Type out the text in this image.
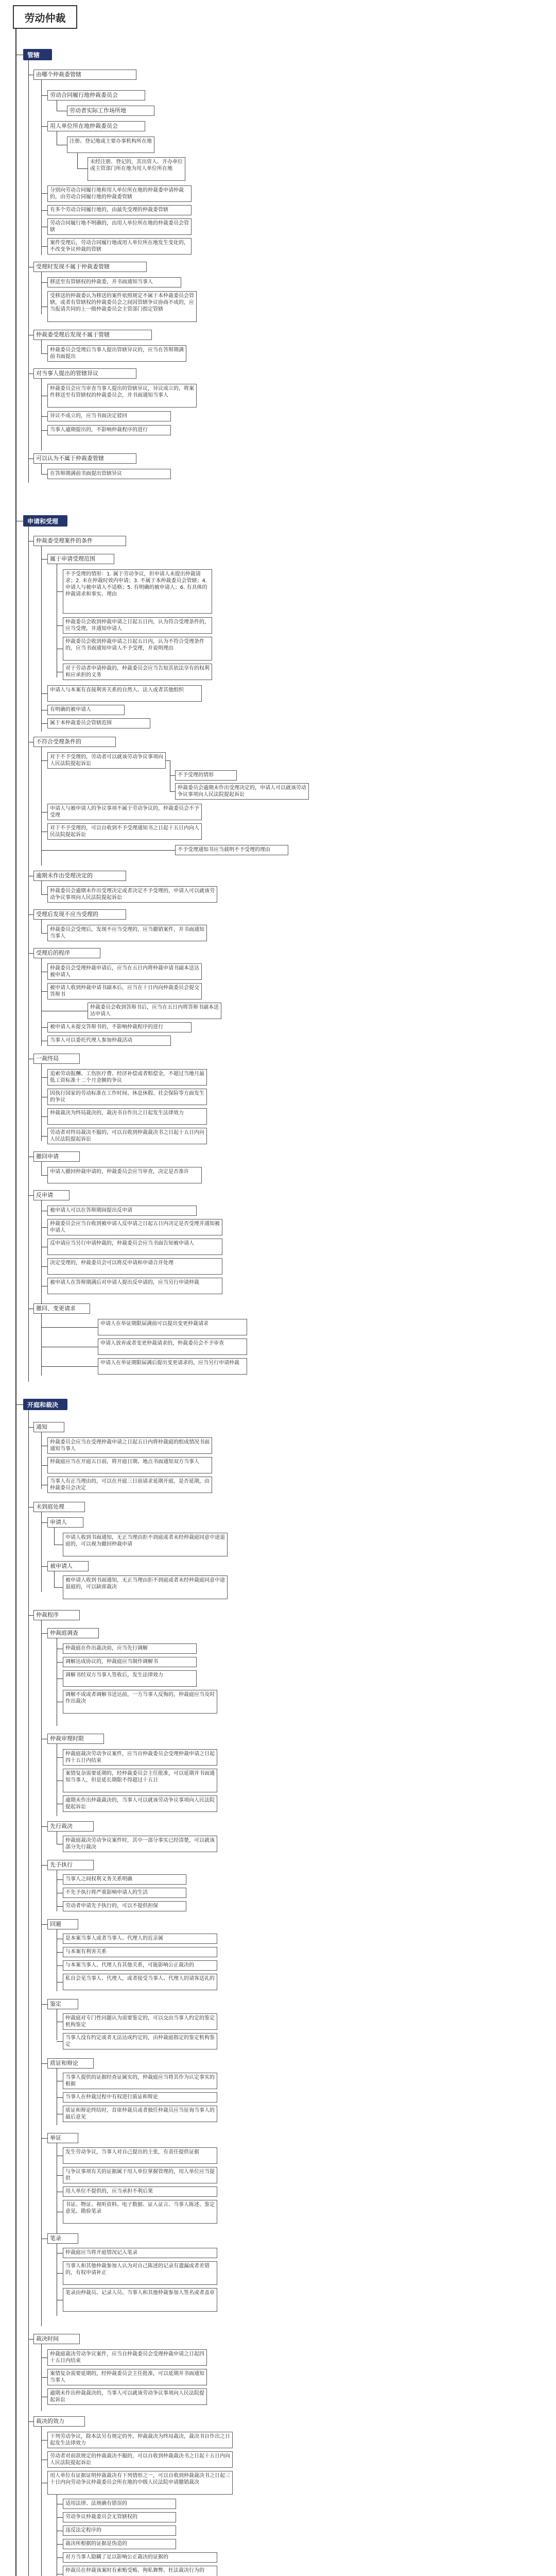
劳动仲裁
管辖
由哪个仲裁委管辖
劳动合同履行地仲裁委员会
劳动者实际工作场所地
用人单位所在地仲裁委员会
注册、登记地或主要办事机构所在地
未经注册、登记的，其出资人、开办单位或主管部门所在地为用人单位所在地
分别向劳动合同履行地和用人单位所在地的仲裁委申请仲裁的，由劳动合同履行地的仲裁委管辖
有多个劳动合同履行地的，由最先受理的仲裁委管辖
劳动合同履行地不明确的，由用人单位所在地的仲裁委员会管辖
案件受理后，劳动合同履行地或用人单位所在地发生变化的，不改变争议仲裁的管辖
受理时发现不属于仲裁委管辖
移送至有管辖权的仲裁委，并书面通知当事人
受移送的仲裁委认为移送的案件依照规定不属于本仲裁委员会管辖，或者有管辖权的仲裁委员会之间因管辖争议协商不成的，应当报请共同的上一级仲裁委员会主管部门指定管辖
仲裁委受理后发现不属于管辖
仲裁委员会受理后当事人提出管辖异议的，应当在答辩期满前书面提出
对当事人提出的管辖异议
仲裁委员会应当审查当事人提出的管辖异议，异议成立的，将案件移送至有管辖权的仲裁委员会，并书面通知当事人
异议不成立的，应当书面决定驳回
当事人逾期提出的，不影响仲裁程序的进行
可以认为不属于仲裁委管辖
在答辩期满前书面提出管辖异议
申请和受理
仲裁委受理案件的条件
属于申请受理范围
不予受理的情形：1. 属于劳动争议，但申请人未提出仲裁请求；2. 未在仲裁时效内申请；3. 不属于本仲裁委员会管辖；4. 申请人与被申请人不适格；5. 有明确的被申请人；6. 有具体的仲裁请求和事实、理由
仲裁委员会收到仲裁申请之日起五日内，认为符合受理条件的，应当受理，并通知申请人
仲裁委员会收到仲裁申请之日起五日内，认为不符合受理条件的，应当书面通知申请人不予受理，并说明理由
对于劳动者申请仲裁的，仲裁委员会应当告知其依法享有的权利和应承担的义务
申请人与本案有直接利害关系的自然人、法人或者其他组织
有明确的被申请人
属于本仲裁委员会管辖范围
不符合受理条件的
对于不予受理的，劳动者可以就该劳动争议事项向人民法院提起诉讼
不予受理的情形
仲裁委员会逾期未作出受理决定的，申请人可以就该劳动争议事项向人民法院提起诉讼
申请人与被申请人的争议事项不属于劳动争议的，仲裁委员会不予受理
对于不予受理的，可以自收到不予受理通知书之日起十五日内向人民法院提起诉讼
不予受理通知书应当载明不予受理的理由
逾期未作出受理决定的
仲裁委员会逾期未作出受理决定或者决定不予受理的，申请人可以就该劳动争议事项向人民法院提起诉讼
受理后发现不应当受理的
仲裁委员会受理后，发现不应当受理的，应当撤销案件，并书面通知当事人
受理后的程序
仲裁委员会受理仲裁申请后，应当在五日内将仲裁申请书副本送达被申请人
被申请人收到仲裁申请书副本后，应当在十日内向仲裁委员会提交答辩书
仲裁委员会收到答辩书后，应当在五日内将答辩书副本送达申请人
被申请人未提交答辩书的，不影响仲裁程序的进行
当事人可以委托代理人参加仲裁活动
一裁终局
追索劳动报酬、工伤医疗费、经济补偿或者赔偿金，不超过当地月最低工资标准十二个月金额的争议
因执行国家的劳动标准在工作时间、休息休假、社会保险等方面发生的争议
仲裁裁决为终局裁决的，裁决书自作出之日起发生法律效力
劳动者对终局裁决不服的，可以自收到仲裁裁决书之日起十五日内向人民法院提起诉讼
撤回申请
申请人撤回仲裁申请的，仲裁委员会应当审查，决定是否准许
反申请
被申请人可以在答辩期间提出反申请
仲裁委员会应当自收到被申请人反申请之日起五日内决定是否受理并通知被申请人
反申请应当另行申请仲裁的，仲裁委员会应当书面告知被申请人
决定受理的，仲裁委员会可以将反申请和申请合并处理
被申请人在答辩期满后对申请人提出反申请的，应当另行申请仲裁
撤回、变更请求
申请人在举证期限届满前可以提出变更仲裁请求
申请人放弃或者变更仲裁请求的，仲裁委员会不予审查
申请人在举证期限届满后提出变更请求的，应当另行申请仲裁
开庭和裁决
通知
仲裁委员会应当在受理仲裁申请之日起五日内将仲裁庭的组成情况书面通知当事人
仲裁庭应当在开庭五日前，将开庭日期、地点书面通知双方当事人
当事人有正当理由的，可以在开庭三日前请求延期开庭，是否延期，由仲裁委员会决定
未到庭处理
申请人
申请人收到书面通知，无正当理由拒不到庭或者未经仲裁庭同意中途退庭的，可以视为撤回仲裁申请
被申请人
被申请人收到书面通知，无正当理由拒不到庭或者未经仲裁庭同意中途退庭的，可以缺席裁决
仲裁程序
仲裁庭调查
仲裁庭在作出裁决前，应当先行调解
调解达成协议的，仲裁庭应当制作调解书
调解书经双方当事人签收后，发生法律效力
调解不成或者调解书送达前，一方当事人反悔的，仲裁庭应当及时作出裁决
仲裁审理时限
仲裁庭裁决劳动争议案件，应当自仲裁委员会受理仲裁申请之日起四十五日内结束
案情复杂需要延期的，经仲裁委员会主任批准，可以延期并书面通知当事人，但是延长期限不得超过十五日
逾期未作出仲裁裁决的，当事人可以就该劳动争议事项向人民法院提起诉讼
先行裁决
仲裁庭裁决劳动争议案件时，其中一部分事实已经清楚，可以就该部分先行裁决
先予执行
当事人之间权利义务关系明确
不先予执行将严重影响申请人的生活
劳动者申请先予执行的，可以不提供担保
回避
是本案当事人或者当事人、代理人的近亲属
与本案有利害关系
与本案当事人、代理人有其他关系，可能影响公正裁决的
私自会见当事人、代理人，或者接受当事人、代理人的请客送礼的
鉴定
仲裁庭对专门性问题认为需要鉴定的，可以交由当事人约定的鉴定机构鉴定
当事人没有约定或者无法达成约定的，由仲裁庭指定的鉴定机构鉴定
质证和辩论
当事人提供的证据经查证属实的，仲裁庭应当将其作为认定事实的根据
当事人在仲裁过程中有权进行质证和辩论
质证和辩论终结时，首席仲裁员或者独任仲裁员应当征询当事人的最后意见
举证
发生劳动争议，当事人对自己提出的主张，有责任提供证据
与争议事项有关的证据属于用人单位掌握管理的，用人单位应当提供
用人单位不提供的，应当承担不利后果
书证、物证、视听资料、电子数据、证人证言、当事人陈述、鉴定意见、勘验笔录
笔录
仲裁庭应当将开庭情况记入笔录
当事人和其他仲裁参加人认为对自己陈述的记录有遗漏或者差错的，有权申请补正
笔录由仲裁员、记录人员、当事人和其他仲裁参加人签名或者盖章
裁决时间
仲裁庭裁决劳动争议案件，应当自仲裁委员会受理仲裁申请之日起四十五日内结束
案情复杂需要延期的，经仲裁委员会主任批准，可以延期并书面通知当事人
逾期未作出仲裁裁决的，当事人可以就该劳动争议事项向人民法院提起诉讼
裁决的效力
下列劳动争议，除本法另有规定的外，仲裁裁决为终局裁决，裁决书自作出之日起发生法律效力
劳动者对前款规定的仲裁裁决不服的，可以自收到仲裁裁决书之日起十五日内向人民法院提起诉讼
用人单位有证据证明仲裁裁决有下列情形之一，可以自收到仲裁裁决书之日起三十日内向劳动争议仲裁委员会所在地的中级人民法院申请撤销裁决
适用法律、法规确有错误的
劳动争议仲裁委员会无管辖权的
违反法定程序的
裁决所根据的证据是伪造的
对方当事人隐瞒了足以影响公正裁决的证据的
仲裁员在仲裁该案时有索贿受贿、徇私舞弊、枉法裁决行为的
